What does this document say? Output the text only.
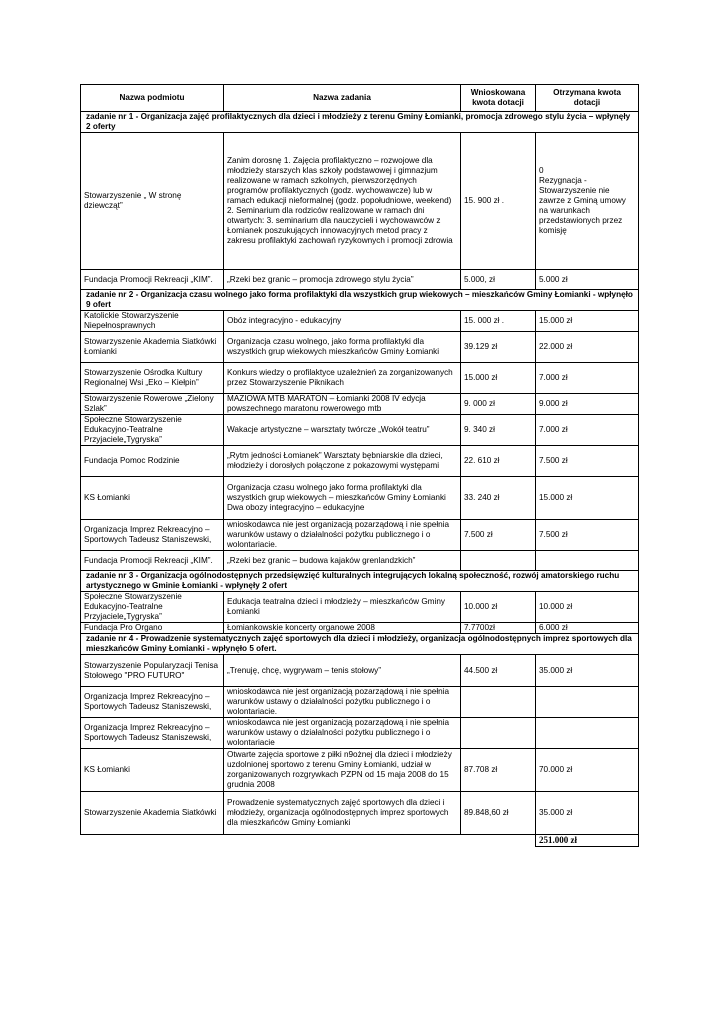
Nazwa podmiotu	Nazwa zadania	Wnioskowana kwota dotacji	Otrzymana kwota dotacji
zadanie nr 1 - Organizacja zajęć profilaktycznych dla dzieci i młodzieży z terenu Gminy Łomianki, promocja zdrowego stylu życia – wpłynęły 2 oferty			
Stowarzyszenie „ W stronę dziewcząt”	Zanim dorosnę 1. Zajęcia profilaktyczno – rozwojowe dla młodzieży starszych klas szkoły podstawowej i gimnazjum realizowane w ramach szkolnych, pierwszorzędnych programów profilaktycznych (godz. wychowawcze) lub w ramach edukacji nieformalnej (godz. popołudniowe, weekend) 2. Seminarium dla rodziców realizowane w ramach dni otwartych: 3. seminarium dla nauczycieli i wychowawców z Łomianek poszukujących innowacyjnych metod pracy z zakresu profilaktyki zachowań ryzykownych i promocji zdrowia	15. 900 zł .	0
Rezygnacja - Stowarzyszenie nie zawrze z Gminą umowy na warunkach przedstawionych przez komisję
Fundacja Promocji Rekreacji „KIM”.	„Rzeki bez granic – promocja zdrowego stylu życia”	5.000, zł	5.000 zł
zadanie nr 2 - Organizacja czasu wolnego jako forma profilaktyki dla wszystkich grup wiekowych – mieszkańców Gminy Łomianki - wpłynęło 9 ofert			
Katolickie Stowarzyszenie Niepełnosprawnych	Obóz integracyjno - edukacyjny	15. 000 zł .	15.000 zł
Stowarzyszenie Akademia Siatkówki Łomianki	Organizacja czasu wolnego, jako forma profilaktyki dla wszystkich grup wiekowych mieszkańców Gminy Łomianki	39.129 zł	22.000 zł
Stowarzyszenie Ośrodka Kultury Regionalnej Wsi „Eko – Kiełpin”	Konkurs wiedzy o profilaktyce uzależnień za zorganizowanych przez Stowarzyszenie Piknikach	15.000 zł	7.000 zł
Stowarzyszenie Rowerowe „Zielony Szlak”	MAZIOWA MTB MARATON – Łomianki 2008 IV edycja powszechnego maratonu rowerowego mtb	9. 000 zł	9.000 zł
Społeczne Stowarzyszenie Edukacyjno-Teatralne Przyjaciele„Tygryska”	Wakacje artystyczne – warsztaty twórcze „Wokół teatru”	9. 340 zł	7.000 zł
Fundacja Pomoc Rodzinie	„Rytm jedności Łomianek” Warsztaty bębniarskie dla dzieci, młodzieży i dorosłych połączone z pokazowymi występami	22. 610 zł	7.500 zł
KS Łomianki	Organizacja czasu wolnego jako forma profilaktyki dla wszystkich grup wiekowych – mieszkańców Gminy Łomianki Dwa obozy integracyjno – edukacyjne	33. 240 zł	15.000 zł
Organizacja Imprez Rekreacyjno – Sportowych Tadeusz Staniszewski,	wnioskodawca nie jest organizacją pozarządową i nie spełnia warunków ustawy o działalności pożytku publicznego i o wolontariacie.	7.500 zł	7.500 zł
Fundacja Promocji Rekreacji „KIM”.	„Rzeki bez granic – budowa kajaków grenlandzkich”		
zadanie nr 3 - Organizacja ogólnodostępnych przedsięwzięć kulturalnych integrujących lokalną społeczność, rozwój amatorskiego ruchu artystycznego w Gminie Łomianki - wpłynęły 2 ofert			
Społeczne Stowarzyszenie Edukacyjno-Teatralne Przyjaciele„Tygryska”	Edukacja teatralna dzieci i młodzieży – mieszkańców Gminy Łomianki	10.000 zł	10.000 zł
Fundacja Pro Organo	Łomiankowskie koncerty organowe 2008	7.7700zł	6.000 zł
zadanie nr 4 - Prowadzenie systematycznych zajęć sportowych dla dzieci i młodzieży, organizacja ogólnodostępnych imprez sportowych dla mieszkańców Gminy Łomianki - wpłynęło 5 ofert.			
Stowarzyszenie Popularyzacji Tenisa Stołowego "PRO FUTURO"	„Trenuję, chcę, wygrywam – tenis stołowy”	44.500 zł	35.000 zł
Organizacja Imprez Rekreacyjno – Sportowych Tadeusz Staniszewski,	wnioskodawca nie jest organizacją pozarządową i nie spełnia warunków ustawy o działalności pożytku publicznego i o wolontariacie.		
Organizacja Imprez Rekreacyjno – Sportowych Tadeusz Staniszewski,	wnioskodawca nie jest organizacją pozarządową i nie spełnia warunków ustawy o działalności pożytku publicznego i o wolontariacie		
KS Łomianki	Otwarte zajęcia sportowe z piłki n9ożnej dla dzieci i młodzieży uzdolnionej sportowo z terenu Gminy Łomianki, udział w zorganizowanych rozgrywkach PZPN od 15 maja 2008 do 15 grudnia 2008	87.708 zł	70.000 zł
Stowarzyszenie Akademia Siatkówki	Prowadzenie systematycznych zajęć sportowych dla dzieci i młodzieży, organizacja ogólnodostępnych imprez sportowych dla mieszkańców Gminy Łomianki	89.848,60 zł	35.000 zł
			251.000 zł
